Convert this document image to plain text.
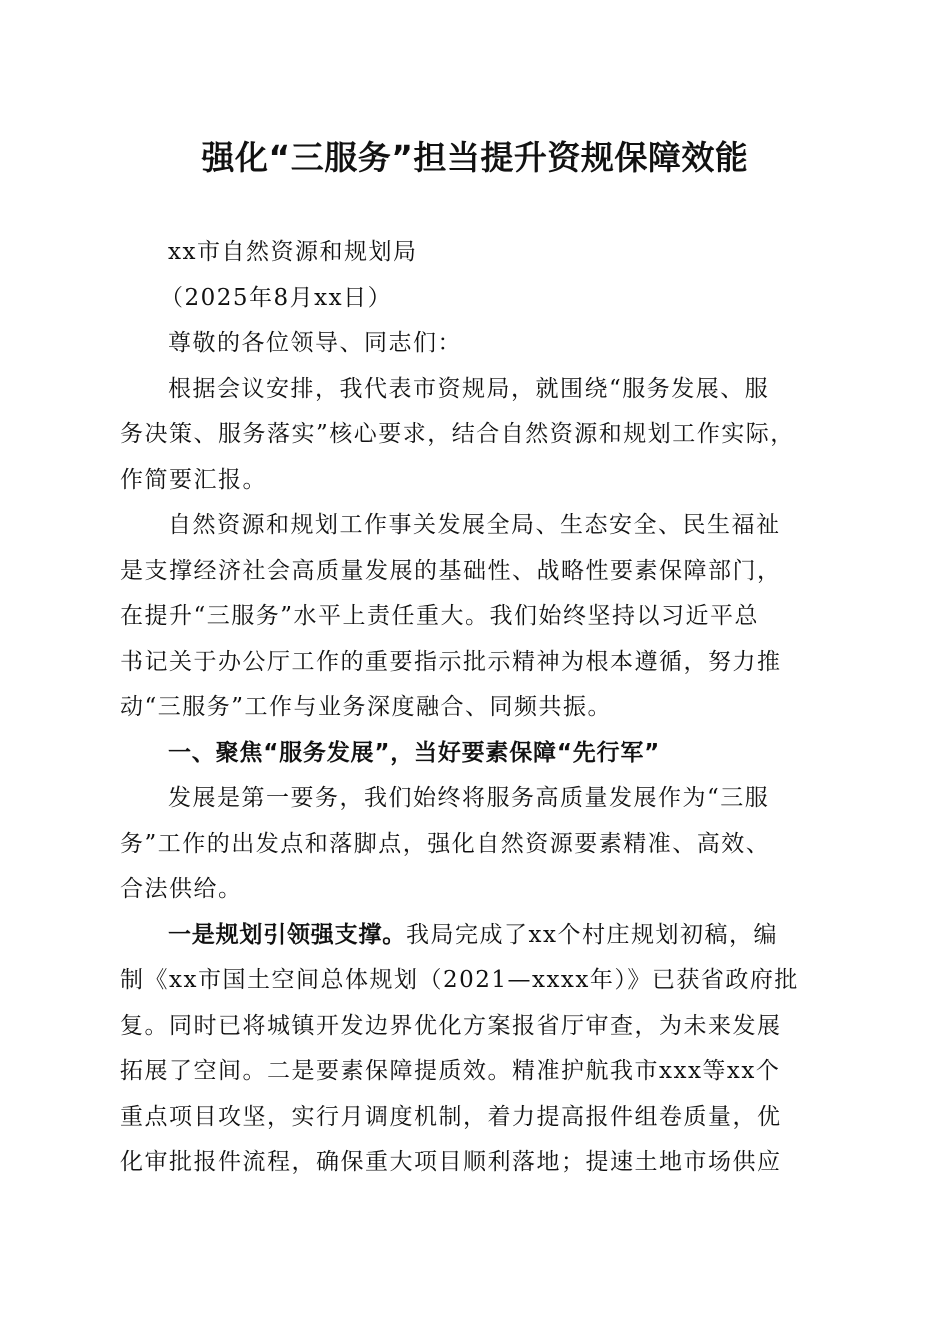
强化“三服务”担当提升资规保障效能
xx市自然资源和规划局
（2025年8月xx日）
尊敬的各位领导、同志们：
根据会议安排，我代表市资规局，就围绕“服务发展、服
务决策、服务落实”核心要求，结合自然资源和规划工作实际，
作简要汇报。
自然资源和规划工作事关发展全局、生态安全、民生福祉
是支撑经济社会高质量发展的基础性、战略性要素保障部门，
在提升“三服务”水平上责任重大。我们始终坚持以习近平总
书记关于办公厅工作的重要指示批示精神为根本遵循，努力推
动“三服务”工作与业务深度融合、同频共振。
一、聚焦“服务发展”，当好要素保障“先行军”
发展是第一要务，我们始终将服务高质量发展作为“三服
务”工作的出发点和落脚点，强化自然资源要素精准、高效、
合法供给。
一是规划引领强支撑。我局完成了xx个村庄规划初稿，编
制《xx市国土空间总体规划（2021—xxxx年）》已获省政府批
复。同时已将城镇开发边界优化方案报省厅审查，为未来发展
拓展了空间。二是要素保障提质效。精准护航我市xxx等xx个
重点项目攻坚，实行月调度机制，着力提高报件组卷质量，优
化审批报件流程，确保重大项目顺利落地；提速土地市场供应
